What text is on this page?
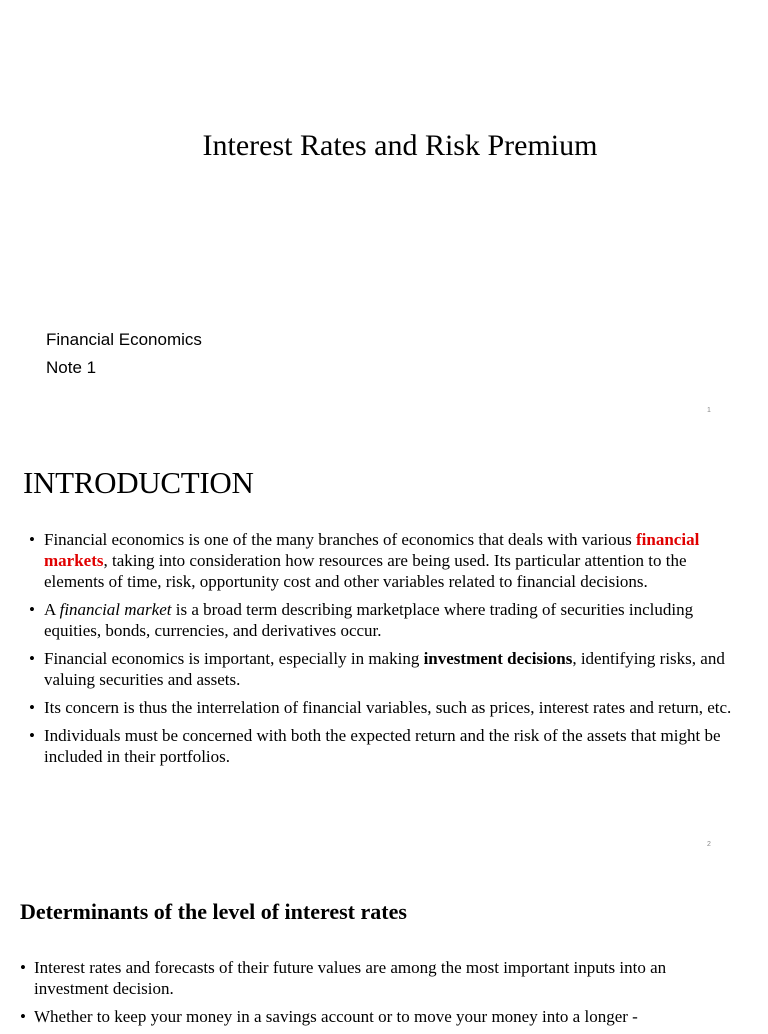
Interest Rates and Risk Premium
Financial Economics
Note 1
1
INTRODUCTION
• Financial economics is one of the many branches of economics that deals with various financial markets, taking into consideration how resources are being used. Its particular attention to the elements of time, risk, opportunity cost and other variables related to financial decisions.
• A financial market is a broad term describing marketplace where trading of securities including equities, bonds, currencies, and derivatives occur.
• Financial economics is important, especially in making investment decisions, identifying risks, and valuing securities and assets.
• Its concern is thus the interrelation of financial variables, such as prices, interest rates and return, etc.
• Individuals must be concerned with both the expected return and the risk of the assets that might be included in their portfolios.
2
Determinants of the level of interest rates
• Interest rates and forecasts of their future values are among the most important inputs into an investment decision.
• Whether to keep your money in a savings account or to move your money into a longer -
